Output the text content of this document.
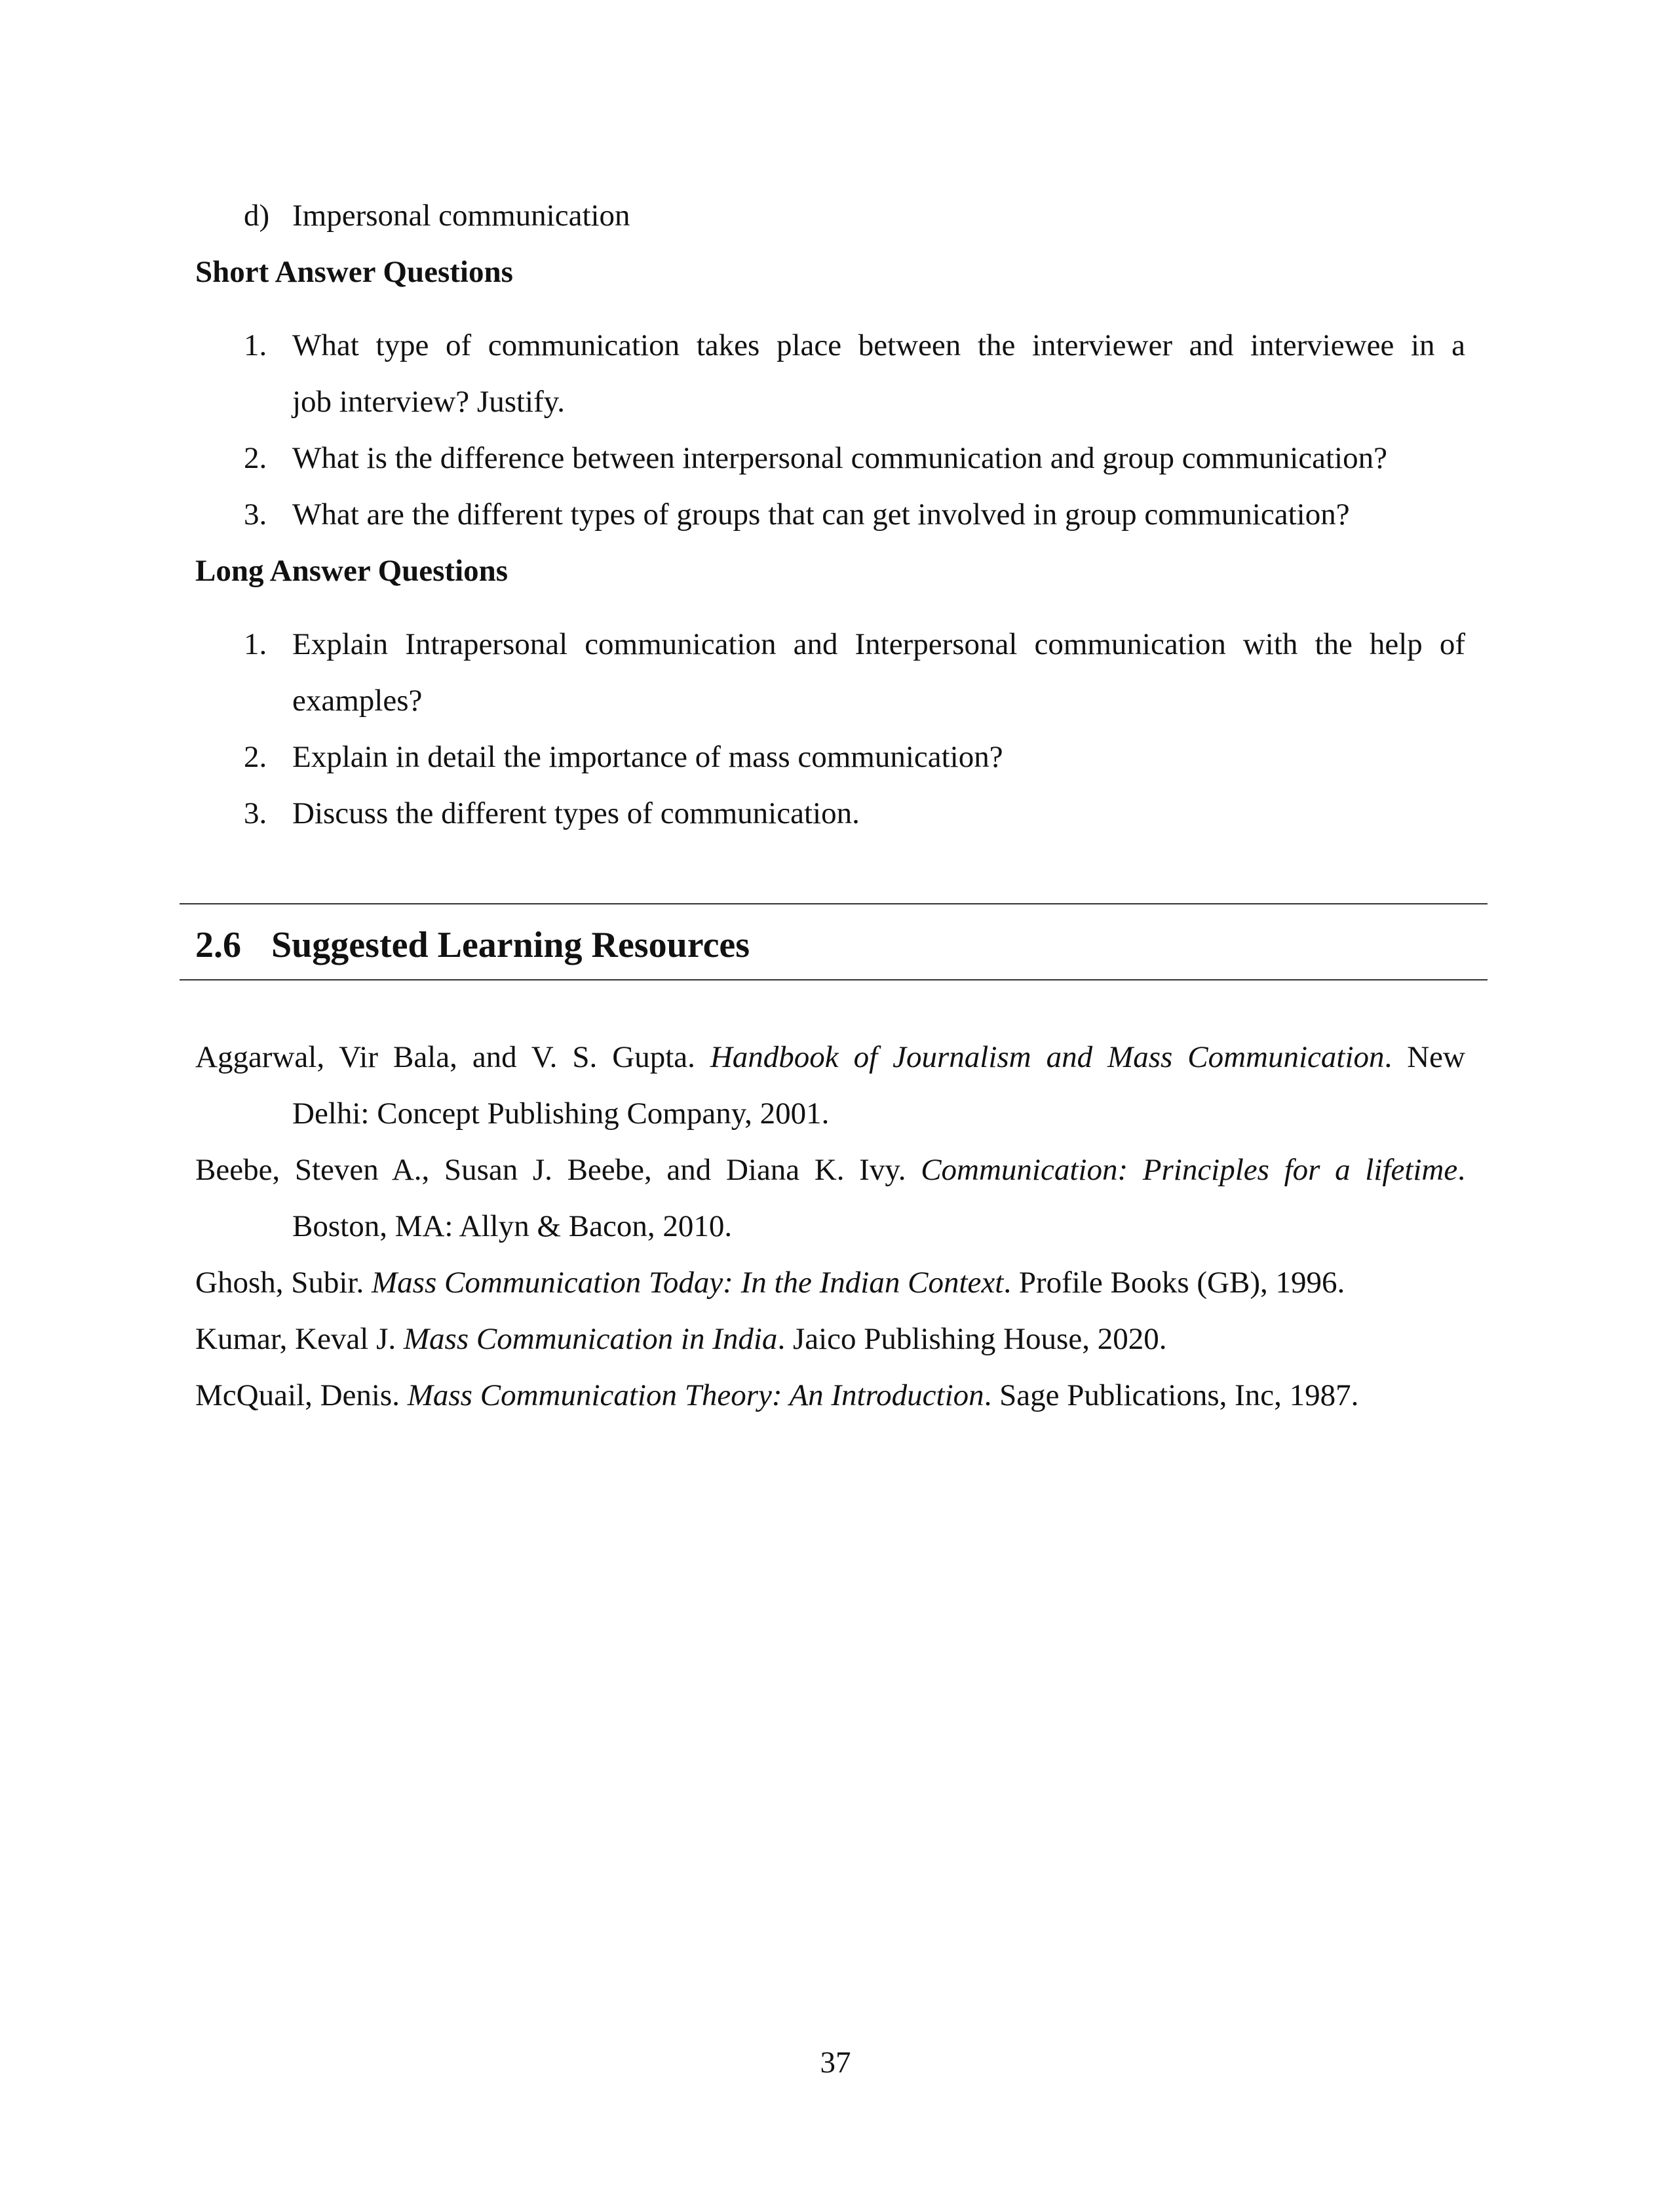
d) Impersonal communication
Short Answer Questions
1. What type of communication takes place between the interviewer and interviewee in a
job interview? Justify.
2. What is the difference between interpersonal communication and group communication?
3. What are the different types of groups that can get involved in group communication?
Long Answer Questions
1. Explain Intrapersonal communication and Interpersonal communication with the help of
examples?
2. Explain in detail the importance of mass communication?
3. Discuss the different types of communication.
2.6 Suggested Learning Resources
Aggarwal, Vir Bala, and V. S. Gupta. Handbook of Journalism and Mass Communication. New
Delhi: Concept Publishing Company, 2001.
Beebe, Steven A., Susan J. Beebe, and Diana K. Ivy. Communication: Principles for a lifetime.
Boston, MA: Allyn & Bacon, 2010.
Ghosh, Subir. Mass Communication Today: In the Indian Context. Profile Books (GB), 1996.
Kumar, Keval J. Mass Communication in India. Jaico Publishing House, 2020.
McQuail, Denis. Mass Communication Theory: An Introduction. Sage Publications, Inc, 1987.
37
